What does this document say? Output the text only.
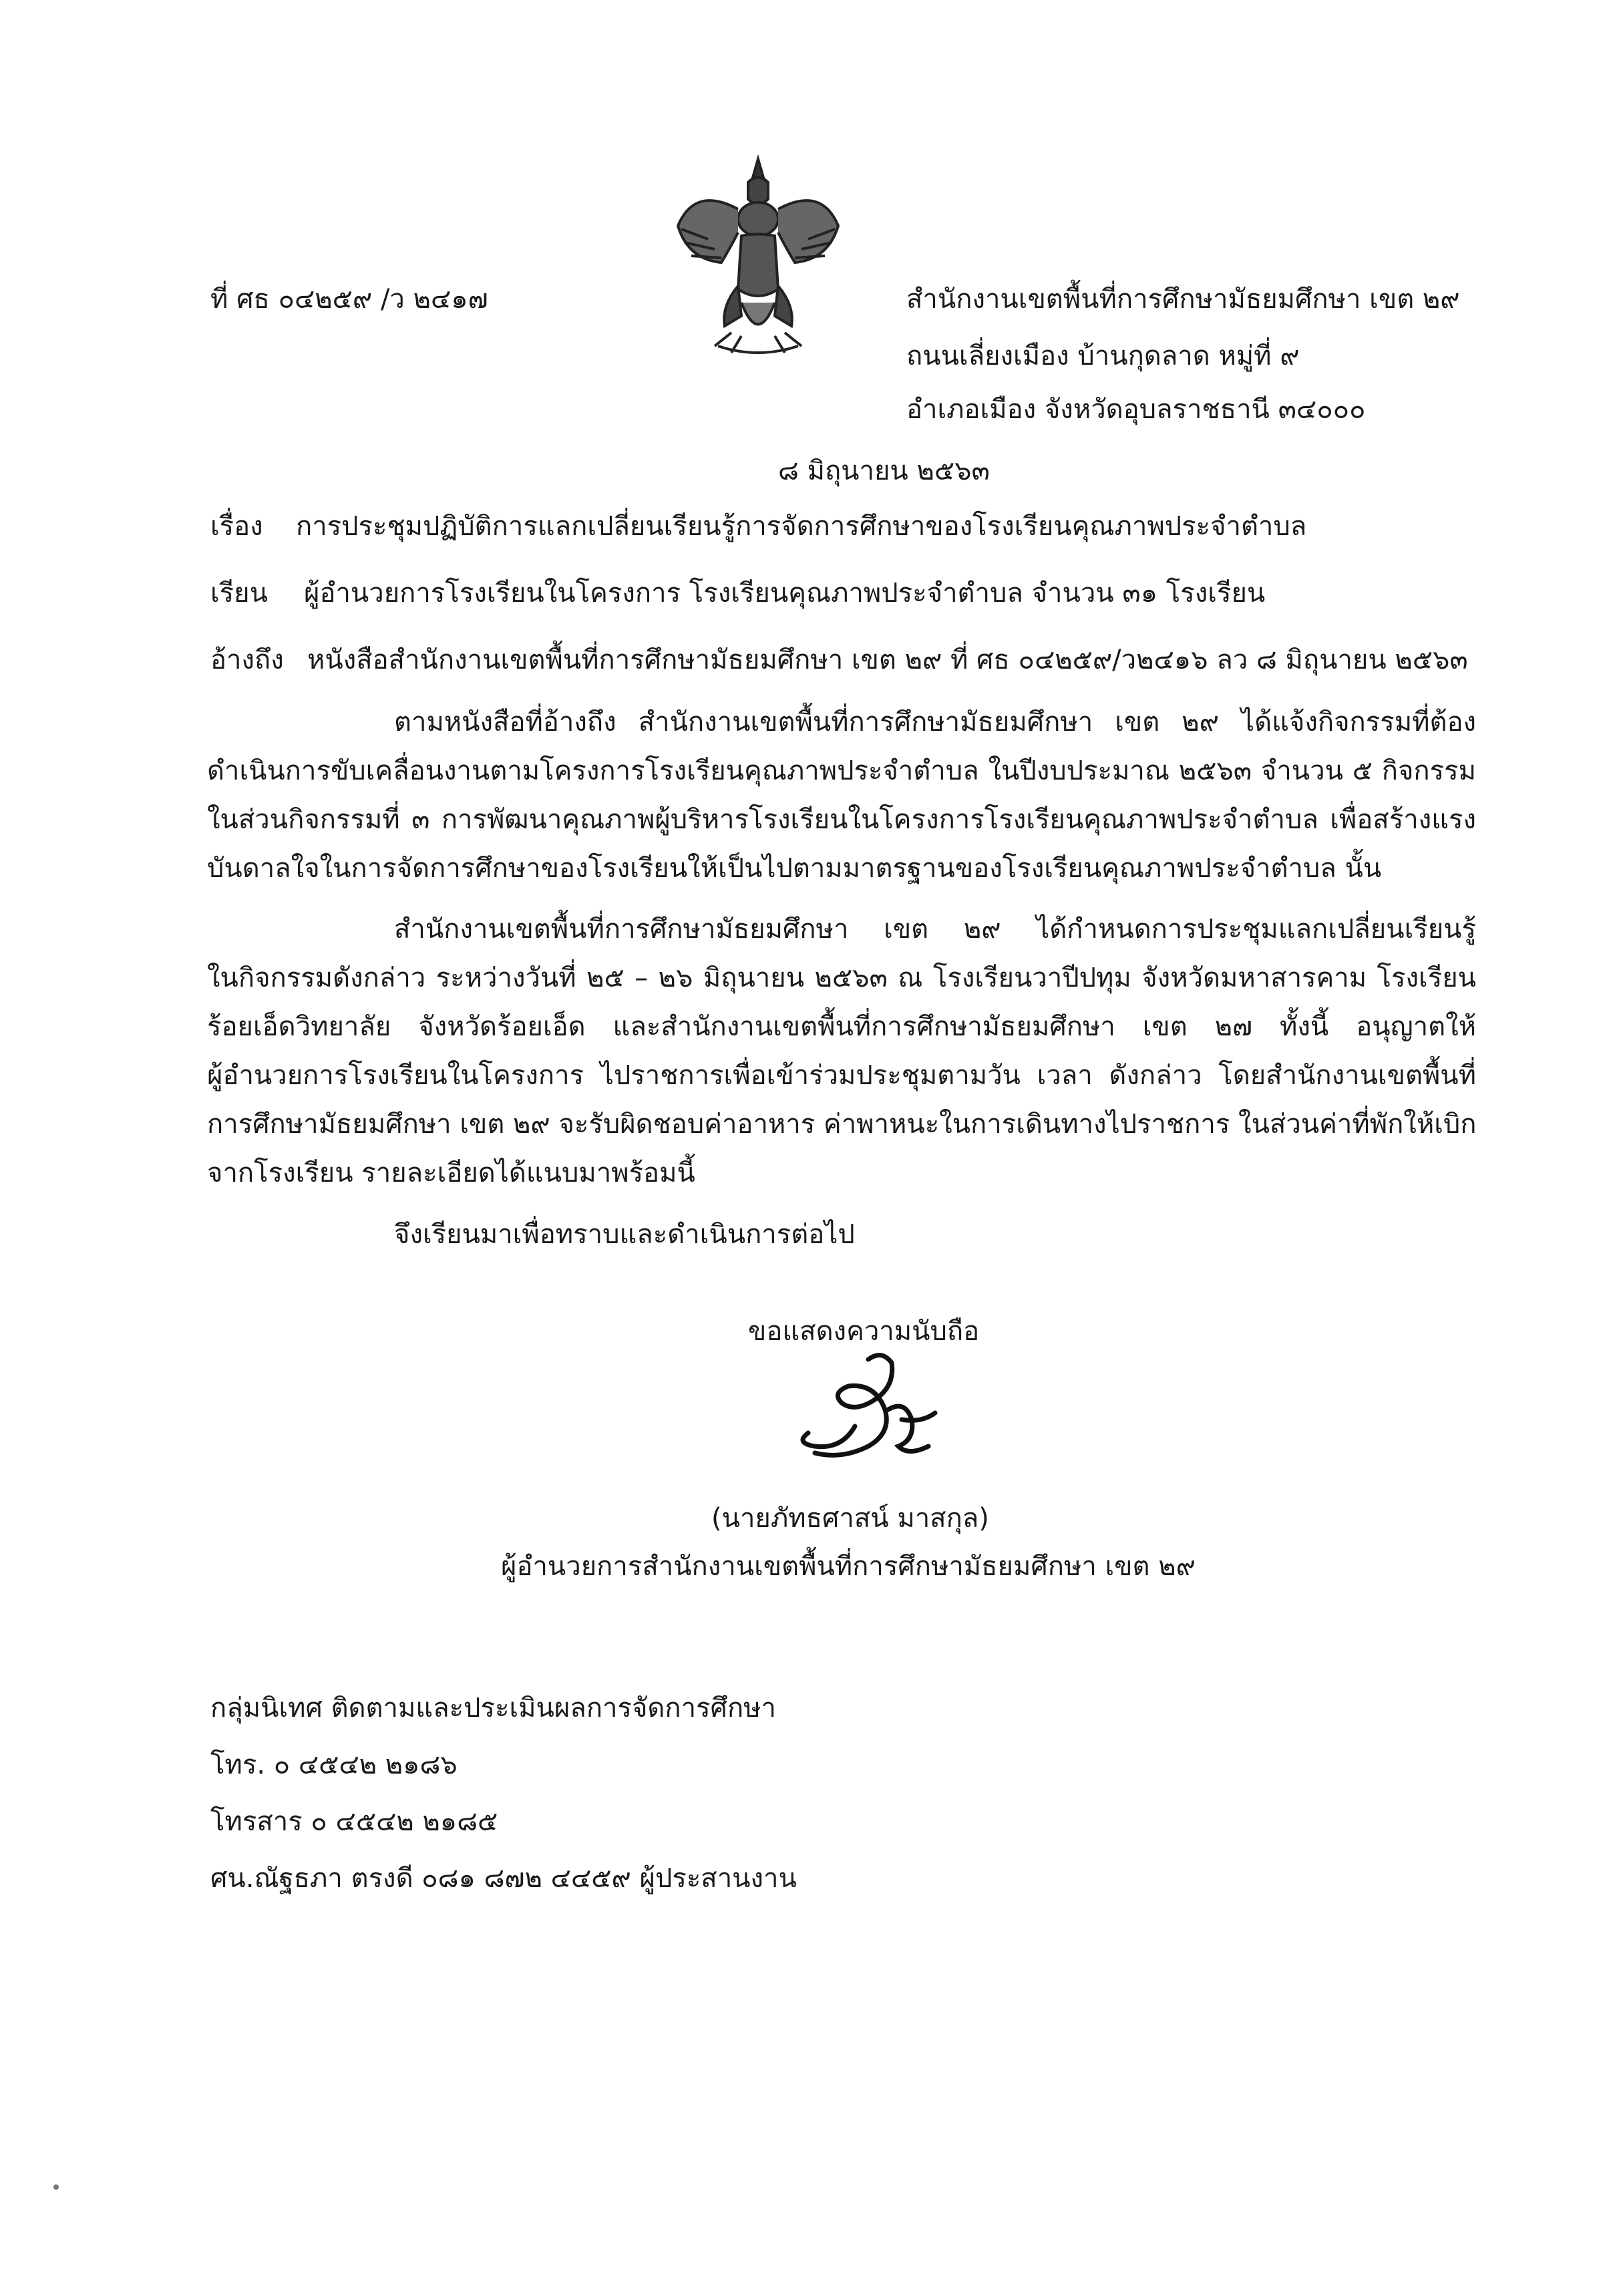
ที่ ศธ ๐๔๒๕๙ /ว ๒๔๑๗	สำนักงานเขตพื้นที่การศึกษามัธยมศึกษา เขต ๒๙
ถนนเลี่ยงเมือง บ้านกุดลาด หมู่ที่ ๙
อำเภอเมือง จังหวัดอุบลราชธานี ๓๔๐๐๐
๘ มิถุนายน ๒๕๖๓
เรื่อง การประชุมปฏิบัติการแลกเปลี่ยนเรียนรู้การจัดการศึกษาของโรงเรียนคุณภาพประจำตำบล
เรียน ผู้อำนวยการโรงเรียนในโครงการ โรงเรียนคุณภาพประจำตำบล จำนวน ๓๑ โรงเรียน
อ้างถึง หนังสือสำนักงานเขตพื้นที่การศึกษามัธยมศึกษา เขต ๒๙ ที่ ศธ ๐๔๒๕๙/ว๒๔๑๖ ลว ๘ มิถุนายน ๒๕๖๓
ตามหนังสือที่อ้างถึง สำนักงานเขตพื้นที่การศึกษามัธยมศึกษา เขต ๒๙ ได้แจ้งกิจกรรมที่ต้อง
ดำเนินการขับเคลื่อนงานตามโครงการโรงเรียนคุณภาพประจำตำบล ในปีงบประมาณ ๒๕๖๓ จำนวน ๕ กิจกรรม
ในส่วนกิจกรรมที่ ๓ การพัฒนาคุณภาพผู้บริหารโรงเรียนในโครงการโรงเรียนคุณภาพประจำตำบล เพื่อสร้างแรง
บันดาลใจในการจัดการศึกษาของโรงเรียนให้เป็นไปตามมาตรฐานของโรงเรียนคุณภาพประจำตำบล นั้น
สำนักงานเขตพื้นที่การศึกษามัธยมศึกษา เขต ๒๙ ได้กำหนดการประชุมแลกเปลี่ยนเรียนรู้
ในกิจกรรมดังกล่าว ระหว่างวันที่ ๒๕ – ๒๖ มิถุนายน ๒๕๖๓ ณ โรงเรียนวาปีปทุม จังหวัดมหาสารคาม โรงเรียน
ร้อยเอ็ดวิทยาลัย จังหวัดร้อยเอ็ด และสำนักงานเขตพื้นที่การศึกษามัธยมศึกษา เขต ๒๗ ทั้งนี้ อนุญาตให้
ผู้อำนวยการโรงเรียนในโครงการ ไปราชการเพื่อเข้าร่วมประชุมตามวัน เวลา ดังกล่าว โดยสำนักงานเขตพื้นที่
การศึกษามัธยมศึกษา เขต ๒๙ จะรับผิดชอบค่าอาหาร ค่าพาหนะในการเดินทางไปราชการ ในส่วนค่าที่พักให้เบิก
จากโรงเรียน รายละเอียดได้แนบมาพร้อมนี้
จึงเรียนมาเพื่อทราบและดำเนินการต่อไป
ขอแสดงความนับถือ
(นายภัทธศาสน์ มาสกุล)
ผู้อำนวยการสำนักงานเขตพื้นที่การศึกษามัธยมศึกษา เขต ๒๙
กลุ่มนิเทศ ติดตามและประเมินผลการจัดการศึกษา
โทร. ๐ ๔๕๔๒ ๒๑๘๖
โทรสาร ๐ ๔๕๔๒ ๒๑๘๕
ศน.ณัฐธภา ตรงดี ๐๘๑ ๘๗๒ ๔๔๕๙ ผู้ประสานงาน
